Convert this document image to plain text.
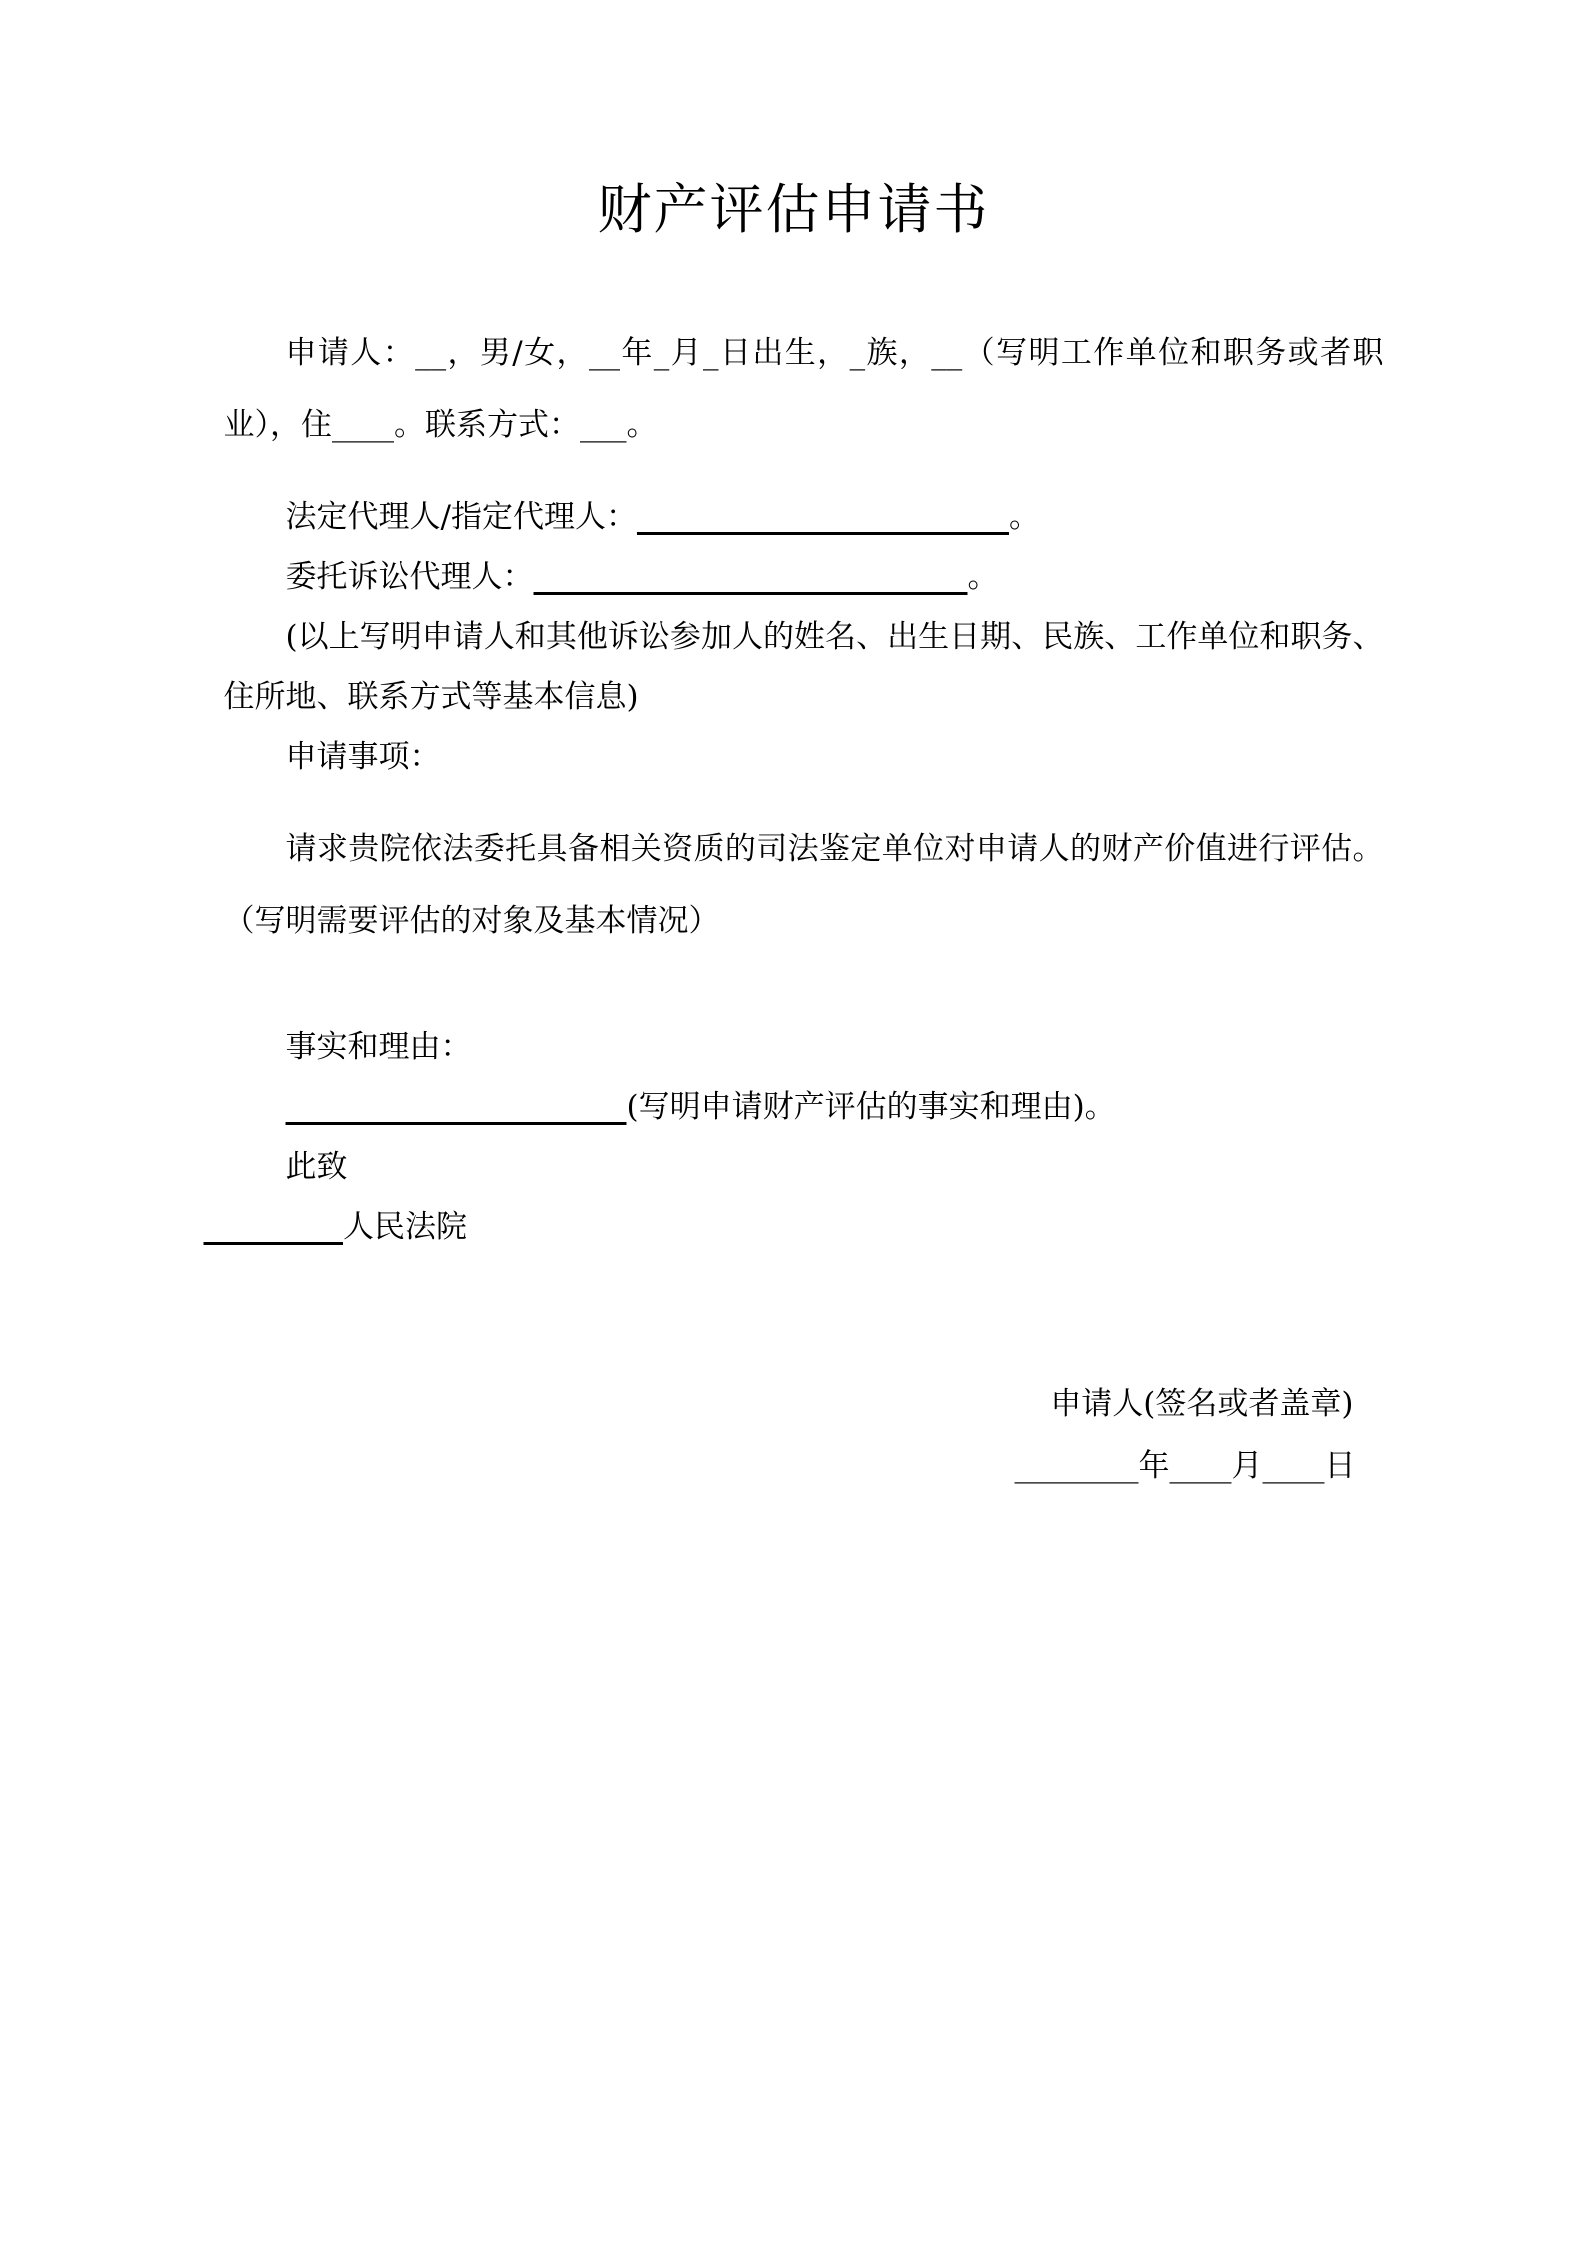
财产评估申请书

申请人：__，男/女，__年_月_日出生，_族，__（写明工作单位和职务或者职业），住____。联系方式：___。

法定代理人/指定代理人：________________________。

委托诉讼代理人：____________________________。

(以上写明申请人和其他诉讼参加人的姓名、出生日期、民族、工作单位和职务、住所地、联系方式等基本信息)

申请事项：

请求贵院依法委托具备相关资质的司法鉴定单位对申请人的财产价值进行评估。（写明需要评估的对象及基本情况）

事实和理由：

______________________(写明申请财产评估的事实和理由)。

此致

_________人民法院

申请人(签名或者盖章)

________年____月____日
